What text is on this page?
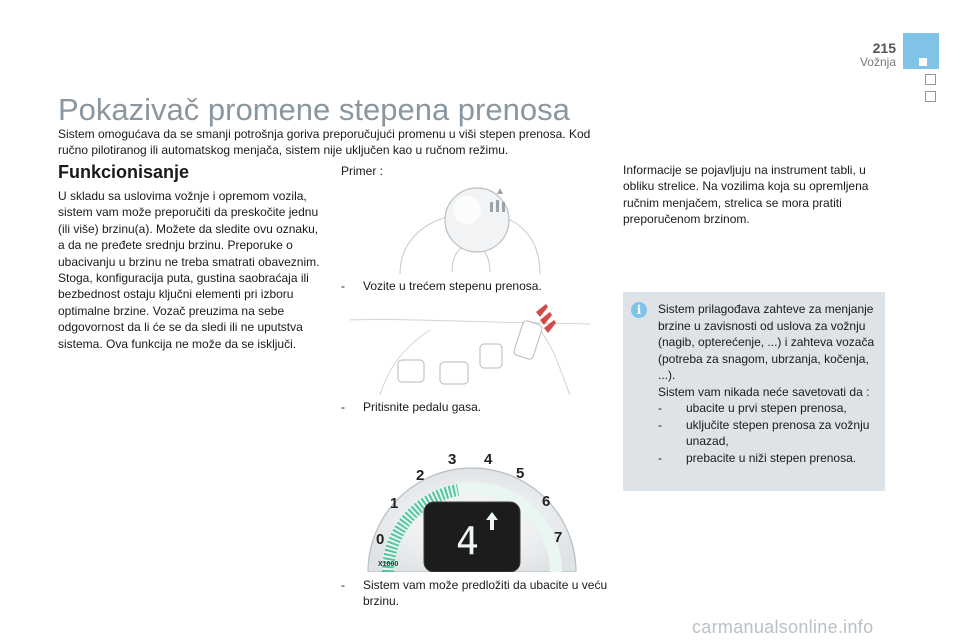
215
Vožnja
Pokazivač promene stepena prenosa
Sistem omogućava da se smanji potrošnja goriva preporučujući promenu u viši stepen prenosa. Kod ručno pilotiranog ili automatskog menjača, sistem nije uključen kao u ručnom režimu.
Funkcionisanje
U skladu sa uslovima vožnje i opremom vozila, sistem vam može preporučiti da preskočite jednu (ili više) brzinu(a). Možete da sledite ovu oznaku, a da ne pređete srednju brzinu. Preporuke o ubacivanju u brzinu ne treba smatrati obaveznim. Stoga, konfiguracija puta, gustina saobraćaja ili bezbednost ostaju ključni elementi pri izboru optimalne brzine. Vozač preuzima na sebe odgovornost da li će se da sledi ili ne uputstva sistema. Ova funkcija ne može da se isključi.
Primer :
- Vozite u trećem stepenu prenosa.
- Pritisnite pedalu gasa.
0
1
2
3 4
5
6
7
X1000
4
- Sistem vam može predložiti da ubacite u veću brzinu.
Informacije se pojavljuju na instrument tabli, u obliku strelice. Na vozilima koja su opremljena ručnim menjačem, strelica se mora pratiti preporučenom brzinom.
i	Sistem prilagođava zahteve za menjanje brzine u zavisnosti od uslova za vožnju (nagib, opterećenje, ...) i zahteva vozača (potreba za snagom, ubrzanja, kočenja, ...).
Sistem vam nikada neće savetovati da :
- ubacite u prvi stepen prenosa,
- uključite stepen prenosa za vožnju unazad,
- prebacite u niži stepen prenosa.
carmanualsonline.info
